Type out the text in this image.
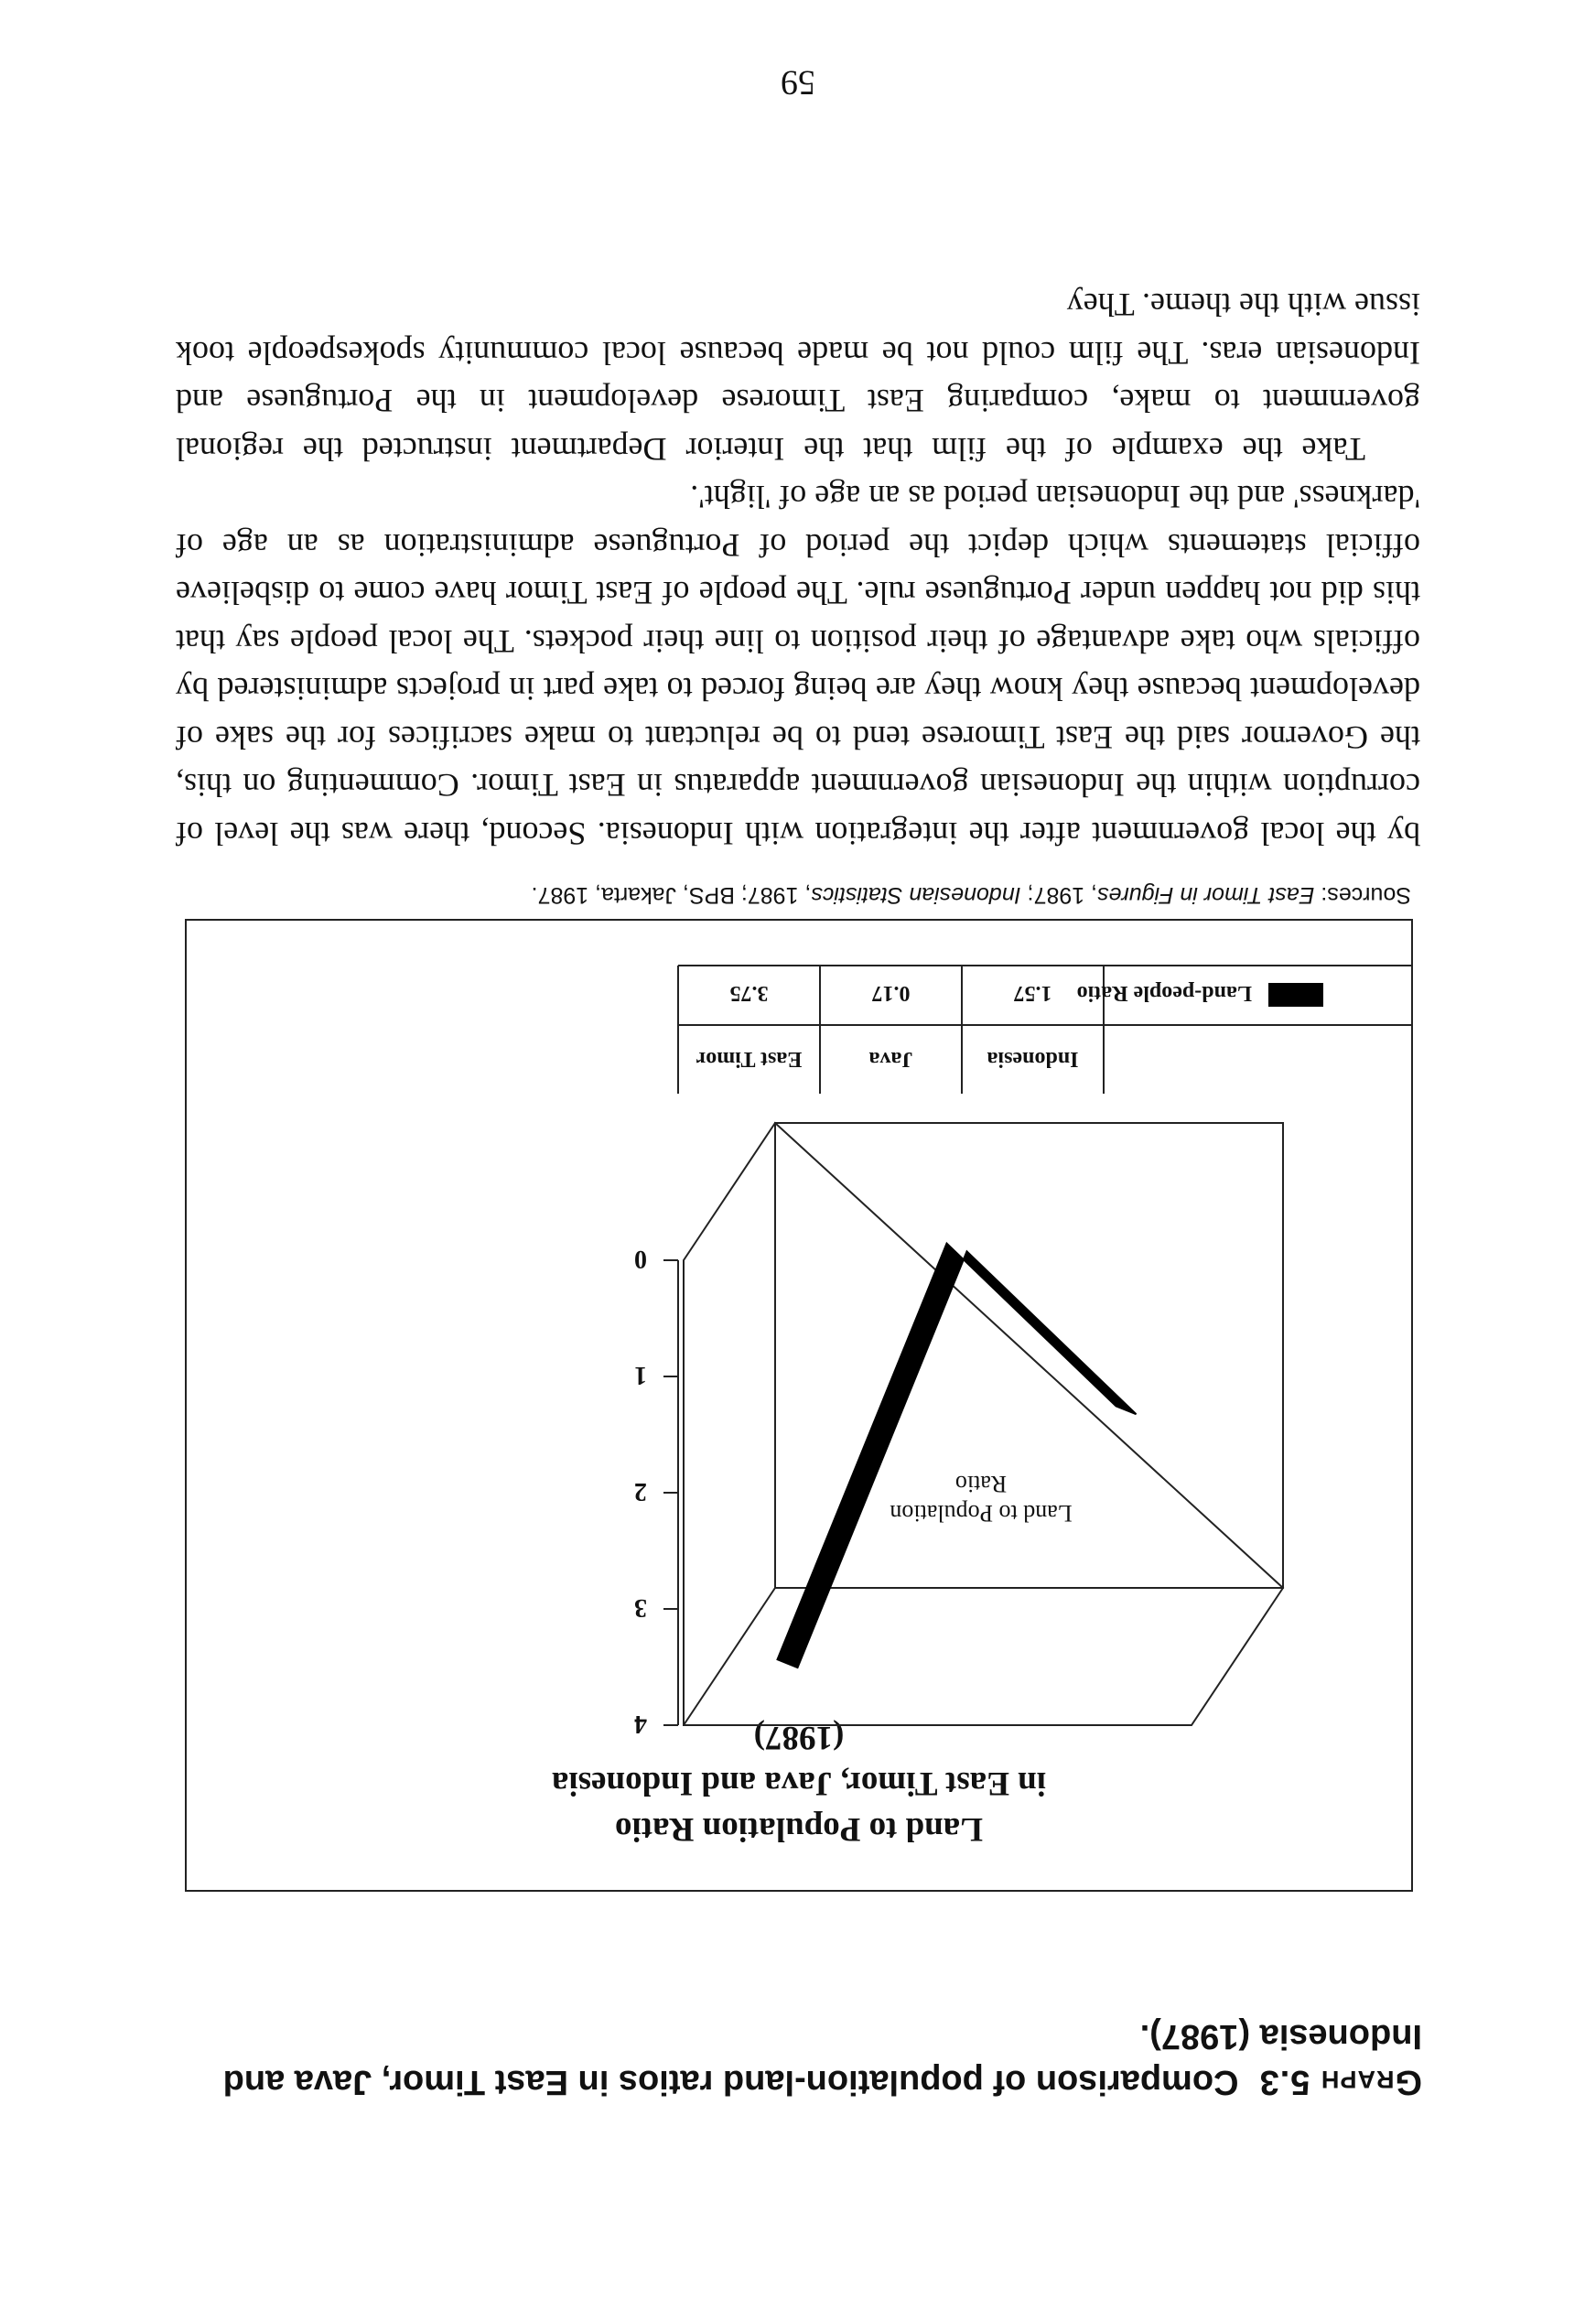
Graph 5.3Comparison of population-land ratios in East Timor, Java and Indonesia (1987).
Land to Population Ratio
in East Timor, Java and Indonesia
(1987)
0
1
2
3
4
Land to Population
Ratio
East Timor
3.75
Java
0.17
Indonesia
1.57 Land-people Ratio
Sources: East Timor in Figures, 1987; Indonesian Statistics, 1987; BPS, Jakarta, 1987.

by the local government after the integration with Indonesia. Second, there was the level of corruption within the Indonesian government apparatus in East Timor. Commenting on this, the Governor said the East Timorese tend to be reluctant to make sacrifices for the sake of development because they know they are being forced to take part in projects administered by officials who take advantage of their position to line their pockets. The local people say that this did not happen under Portuguese rule. The people of East Timor have come to disbelieve official statements which depict the period of Portuguese administration as an age of 'darkness' and the Indonesian period as an age of 'light'.

Take the example of the film that the Interior Department instructed the regional government to make, comparing East Timorese development in the Portuguese and Indonesian eras. The film could not be made because local community spokespeople took issue with the theme. They

59
